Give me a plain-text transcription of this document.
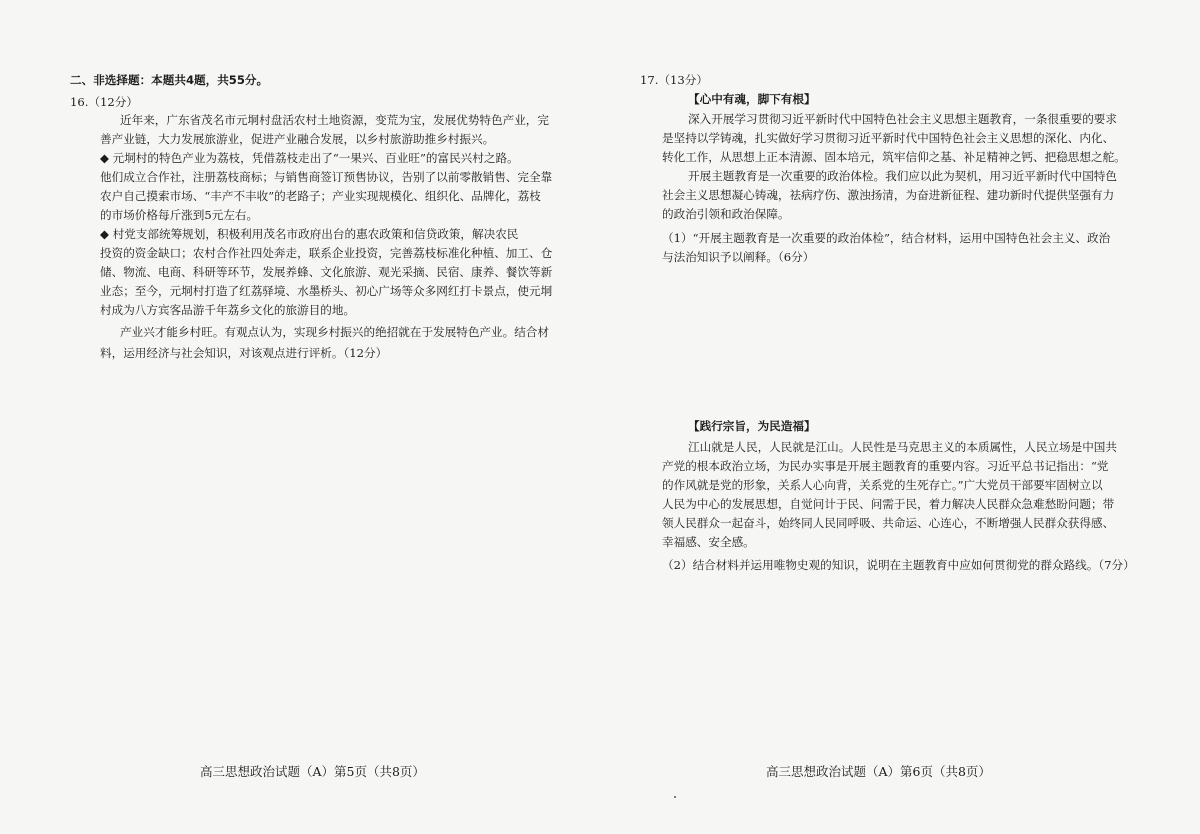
二、非选择题：本题共4题，共55分。
16.（12分）
近年来，广东省茂名市元垌村盘活农村土地资源，变荒为宝，发展优势特色产业，完
善产业链，大力发展旅游业，促进产业融合发展，以乡村旅游助推乡村振兴。
◆ 元垌村的特色产业为荔枝，凭借荔枝走出了“一果兴、百业旺”的富民兴村之路。
他们成立合作社，注册荔枝商标；与销售商签订预售协议，告别了以前零散销售、完全靠
农户自己摸索市场、“丰产不丰收”的老路子；产业实现规模化、组织化、品牌化，荔枝
的市场价格每斤涨到5元左右。
◆ 村党支部统筹规划，积极利用茂名市政府出台的惠农政策和信贷政策，解决农民
投资的资金缺口；农村合作社四处奔走，联系企业投资，完善荔枝标准化种植、加工、仓
储、物流、电商、科研等环节，发展养蜂、文化旅游、观光采摘、民宿、康养、餐饮等新
业态；至今，元垌村打造了红荔驿境、水墨桥头、初心广场等众多网红打卡景点，使元垌
村成为八方宾客品游千年荔乡文化的旅游目的地。
产业兴才能乡村旺。有观点认为，实现乡村振兴的绝招就在于发展特色产业。结合材
料，运用经济与社会知识，对该观点进行评析。（12分）
高三思想政治试题（A）第5页（共8页）
17.（13分）
【心中有魂，脚下有根】
深入开展学习贯彻习近平新时代中国特色社会主义思想主题教育，一条很重要的要求
是坚持以学铸魂，扎实做好学习贯彻习近平新时代中国特色社会主义思想的深化、内化、
转化工作，从思想上正本清源、固本培元，筑牢信仰之基、补足精神之钙、把稳思想之舵。
开展主题教育是一次重要的政治体检。我们应以此为契机，用习近平新时代中国特色
社会主义思想凝心铸魂，祛病疗伤、激浊扬清，为奋进新征程、建功新时代提供坚强有力
的政治引领和政治保障。
（1）“开展主题教育是一次重要的政治体检”，结合材料，运用中国特色社会主义、政治
与法治知识予以阐释。（6分）
【践行宗旨，为民造福】
江山就是人民，人民就是江山。人民性是马克思主义的本质属性，人民立场是中国共
产党的根本政治立场，为民办实事是开展主题教育的重要内容。习近平总书记指出：“党
的作风就是党的形象，关系人心向背，关系党的生死存亡。”广大党员干部要牢固树立以
人民为中心的发展思想，自觉问计于民、问需于民，着力解决人民群众急难愁盼问题；带
领人民群众一起奋斗，始终同人民同呼吸、共命运、心连心，不断增强人民群众获得感、
幸福感、安全感。
（2）结合材料并运用唯物史观的知识，说明在主题教育中应如何贯彻党的群众路线。（7分）
高三思想政治试题（A）第6页（共8页）
